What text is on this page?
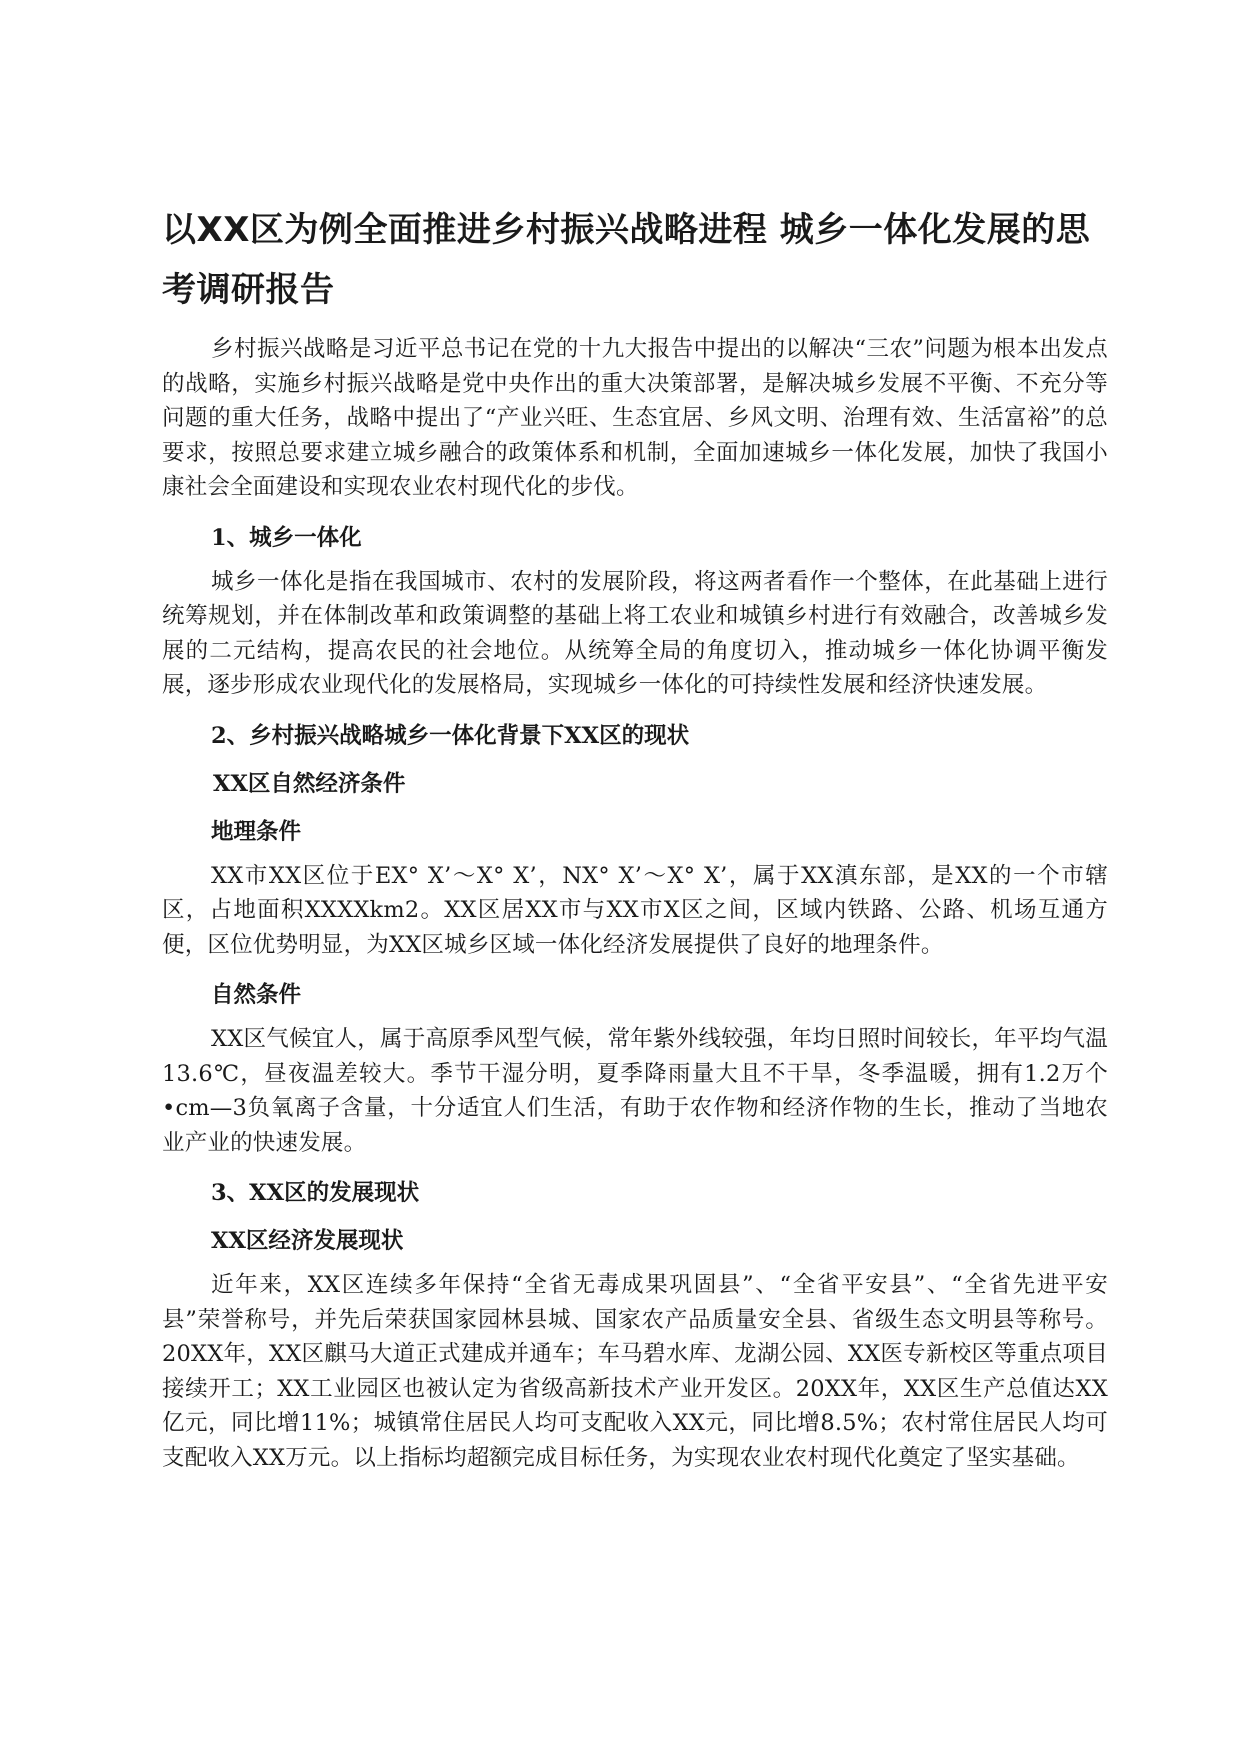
以XX区为例全面推进乡村振兴战略进程 城乡一体化发展的思考调研报告

乡村振兴战略是习近平总书记在党的十九大报告中提出的以解决“三农”问题为根本出发点的战略，实施乡村振兴战略是党中央作出的重大决策部署，是解决城乡发展不平衡、不充分等问题的重大任务，战略中提出了“产业兴旺、生态宜居、乡风文明、治理有效、生活富裕”的总要求，按照总要求建立城乡融合的政策体系和机制，全面加速城乡一体化发展，加快了我国小康社会全面建设和实现农业农村现代化的步伐。

1、城乡一体化

城乡一体化是指在我国城市、农村的发展阶段，将这两者看作一个整体，在此基础上进行统筹规划，并在体制改革和政策调整的基础上将工农业和城镇乡村进行有效融合，改善城乡发展的二元结构，提高农民的社会地位。从统筹全局的角度切入，推动城乡一体化协调平衡发展，逐步形成农业现代化的发展格局，实现城乡一体化的可持续性发展和经济快速发展。

2、乡村振兴战略城乡一体化背景下XX区的现状
XX区自然经济条件
地理条件

XX市XX区位于EX° X’～X° X’，NX° X’～X° X’，属于XX滇东部，是XX的一个市辖区，占地面积XXXXkm2。XX区居XX市与XX市X区之间，区域内铁路、公路、机场互通方便，区位优势明显，为XX区城乡区域一体化经济发展提供了良好的地理条件。

自然条件

XX区气候宜人，属于高原季风型气候，常年紫外线较强，年均日照时间较长，年平均气温13.6℃，昼夜温差较大。季节干湿分明，夏季降雨量大且不干旱，冬季温暖，拥有1.2万个•cm—3负氧离子含量，十分适宜人们生活，有助于农作物和经济作物的生长，推动了当地农业产业的快速发展。

3、XX区的发展现状
XX区经济发展现状

近年来，XX区连续多年保持“全省无毒成果巩固县”、“全省平安县”、“全省先进平安县”荣誉称号，并先后荣获国家园林县城、国家农产品质量安全县、省级生态文明县等称号。20XX年，XX区麒马大道正式建成并通车；车马碧水库、龙湖公园、XX医专新校区等重点项目接续开工；XX工业园区也被认定为省级高新技术产业开发区。20XX年，XX区生产总值达XX亿元，同比增11%；城镇常住居民人均可支配收入XX元，同比增8.5%；农村常住居民人均可支配收入XX万元。以上指标均超额完成目标任务，为实现农业农村现代化奠定了坚实基础。
